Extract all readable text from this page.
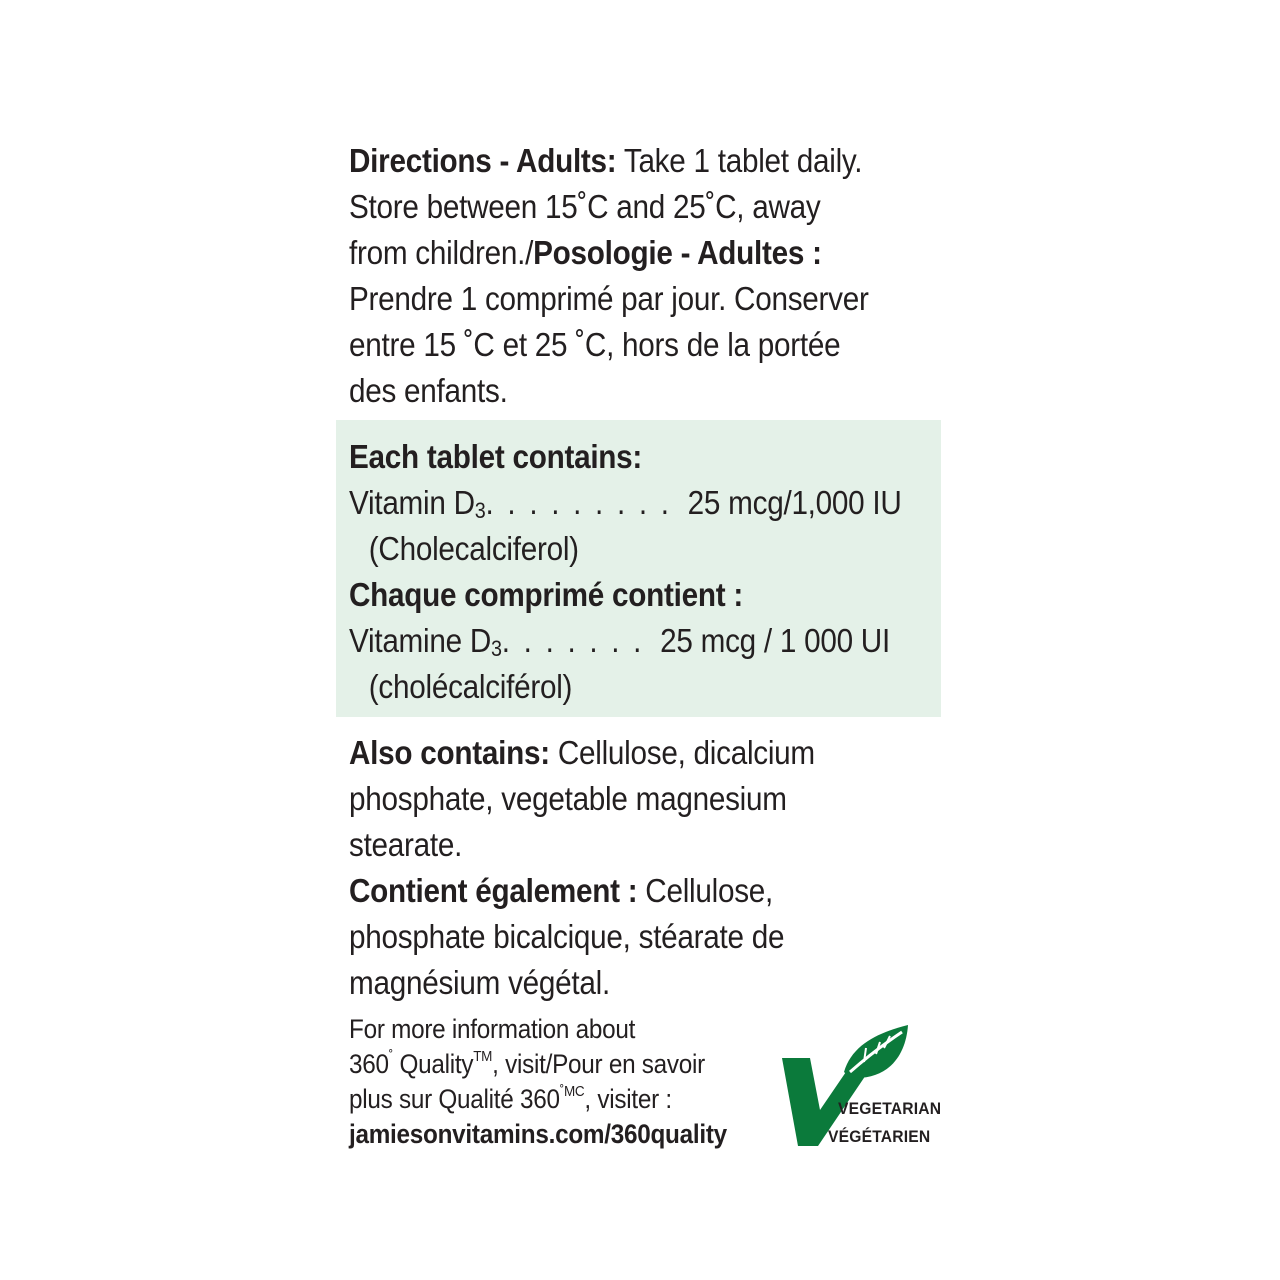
Directions - Adults: Take 1 tablet daily.
Store between 15˚C and 25˚C, away
from children./Posologie - Adultes :
Prendre 1 comprimé par jour. Conserver
entre 15 ˚C et 25 ˚C, hors de la portée
des enfants.
Each tablet contains:
Vitamin $D_3$. . . . . . . . . 25 mcg/1,000 IU
(Cholecalciferol)
Chaque comprimé contient :
Vitamine $D_3$. . . . . . . 25 mcg / 1 000 UI
(cholécalciférol)
Also contains: Cellulose, dicalcium
phosphate, vegetable magnesium
stearate.
Contient également : Cellulose,
phosphate bicalcique, stéarate de
magnésium végétal.
For more information about
360˚ Quality™, visit/Pour en savoir
plus sur Qualité $360^{˚MC}$, visiter :
jamiesonvitamins.com/360quality
VEGETARIAN
VÉGÉTARIEN
